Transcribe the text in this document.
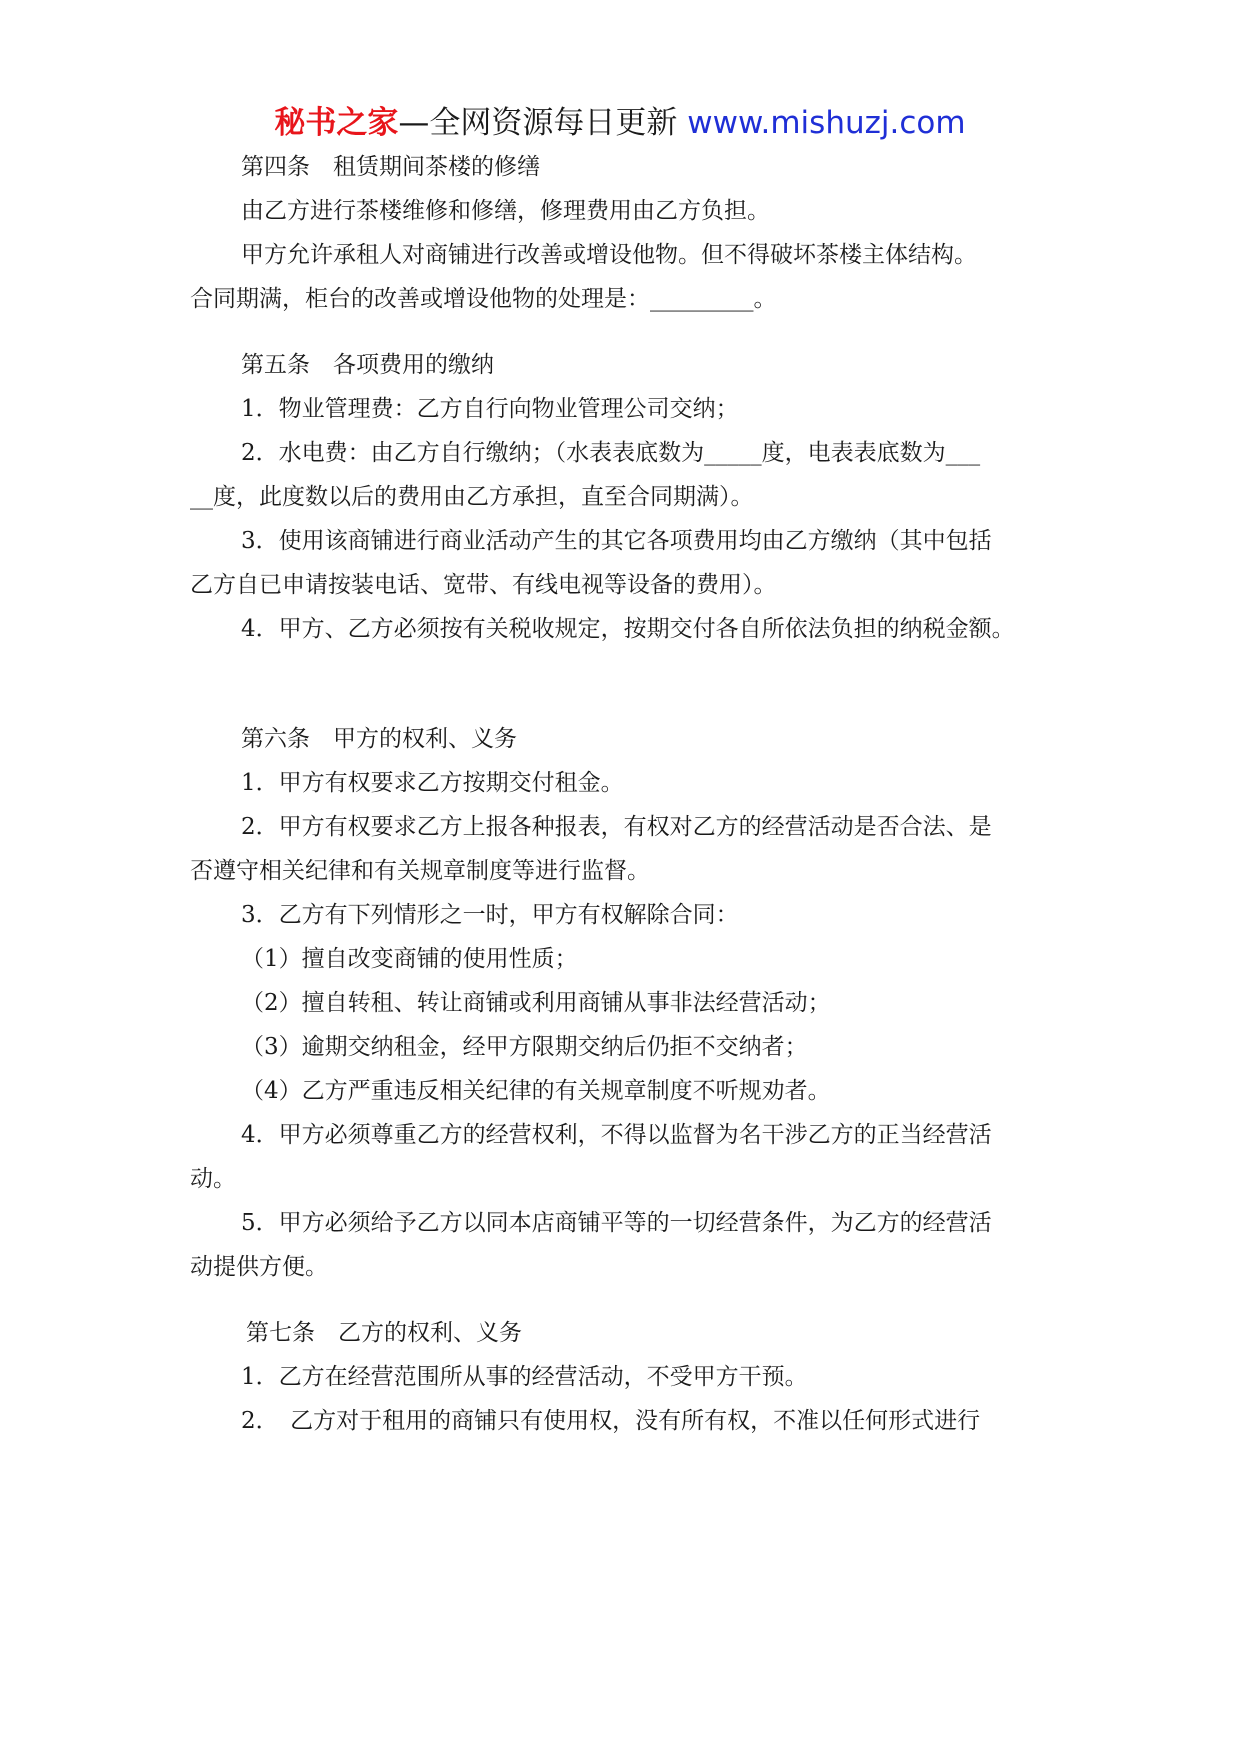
秘书之家—全网资源每日更新 www.mishuzj.com
第四条　租赁期间茶楼的修缮
由乙方进行茶楼维修和修缮，修理费用由乙方负担。
甲方允许承租人对商铺进行改善或增设他物。但不得破坏茶楼主体结构。
合同期满，柜台的改善或增设他物的处理是：_________。
第五条　各项费用的缴纳
1．物业管理费：乙方自行向物业管理公司交纳；
2．水电费：由乙方自行缴纳；（水表表底数为_____度，电表表底数为___
__度，此度数以后的费用由乙方承担，直至合同期满）。
3．使用该商铺进行商业活动产生的其它各项费用均由乙方缴纳（其中包括
乙方自已申请按装电话、宽带、有线电视等设备的费用）。
4．甲方、乙方必须按有关税收规定，按期交付各自所依法负担的纳税金额。
第六条　甲方的权利、义务
1．甲方有权要求乙方按期交付租金。
2．甲方有权要求乙方上报各种报表，有权对乙方的经营活动是否合法、是
否遵守相关纪律和有关规章制度等进行监督。
3．乙方有下列情形之一时，甲方有权解除合同：
（1）擅自改变商铺的使用性质；
（2）擅自转租、转让商铺或利用商铺从事非法经营活动；
（3）逾期交纳租金，经甲方限期交纳后仍拒不交纳者；
（4）乙方严重违反相关纪律的有关规章制度不听规劝者。
4．甲方必须尊重乙方的经营权利，不得以监督为名干涉乙方的正当经营活
动。
5．甲方必须给予乙方以同本店商铺平等的一切经营条件，为乙方的经营活
动提供方便。
第七条　乙方的权利、义务
1．乙方在经营范围所从事的经营活动，不受甲方干预。
2．　乙方对于租用的商铺只有使用权，没有所有权，不准以任何形式进行
